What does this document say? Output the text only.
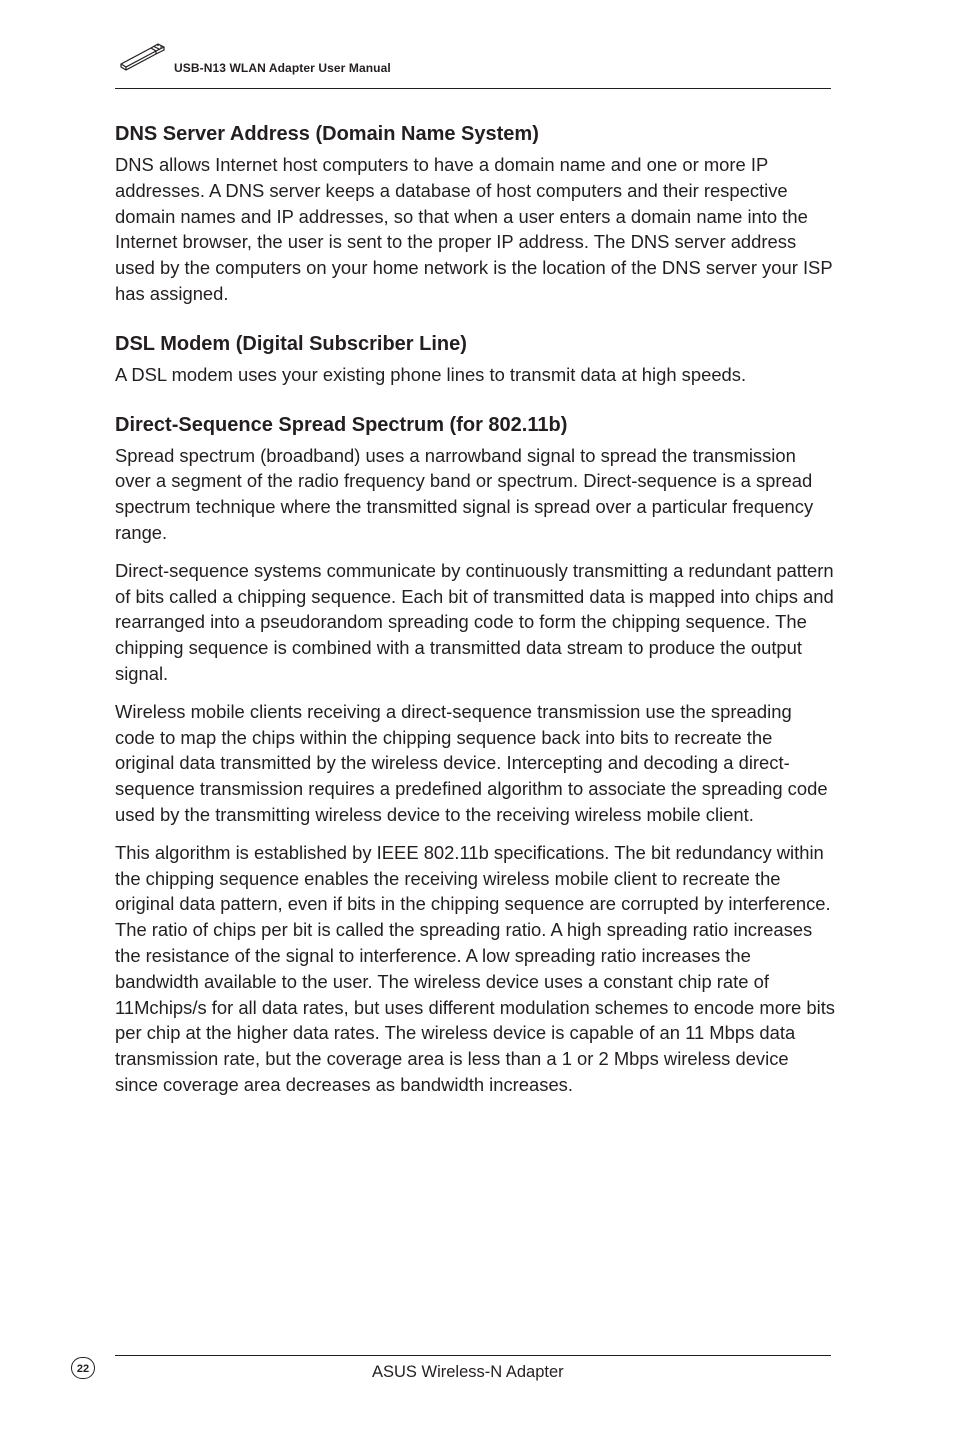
USB-N13 WLAN Adapter User Manual
DNS Server Address (Domain Name System)

DNS allows Internet host computers to have a domain name and one or more IP addresses. A DNS server keeps a database of host computers and their respective domain names and IP addresses, so that when a user enters a domain name into the Internet browser, the user is sent to the proper IP address. The DNS server address used by the computers on your home network is the location of the DNS server your ISP has assigned.

DSL Modem (Digital Subscriber Line)

A DSL modem uses your existing phone lines to transmit data at high speeds.

Direct-Sequence Spread Spectrum (for 802.11b)

Spread spectrum (broadband) uses a narrowband signal to spread the transmission over a segment of the radio frequency band or spectrum. Direct-sequence is a spread spectrum technique where the transmitted signal is spread over a particular frequency range.

Direct-sequence systems communicate by continuously transmitting a redundant pattern of bits called a chipping sequence. Each bit of transmitted data is mapped into chips and rearranged into a pseudorandom spreading code to form the chipping sequence. The chipping sequence is combined with a transmitted data stream to produce the output signal.

Wireless mobile clients receiving a direct-sequence transmission use the spreading code to map the chips within the chipping sequence back into bits to recreate the original data transmitted by the wireless device. Intercepting and decoding a direct-sequence transmission requires a predefined algorithm to associate the spreading code used by the transmitting wireless device to the receiving wireless mobile client.

This algorithm is established by IEEE 802.11b specifications. The bit redundancy within the chipping sequence enables the receiving wireless mobile client to recreate the original data pattern, even if bits in the chipping sequence are corrupted by interference. The ratio of chips per bit is called the spreading ratio. A high spreading ratio increases the resistance of the signal to interference. A low spreading ratio increases the bandwidth available to the user. The wireless device uses a constant chip rate of 11Mchips/s for all data rates, but uses different modulation schemes to encode more bits per chip at the higher data rates. The wireless device is capable of an 11 Mbps data transmission rate, but the coverage area is less than a 1 or 2 Mbps wireless device since coverage area decreases as bandwidth increases.

22	ASUS Wireless-N Adapter
